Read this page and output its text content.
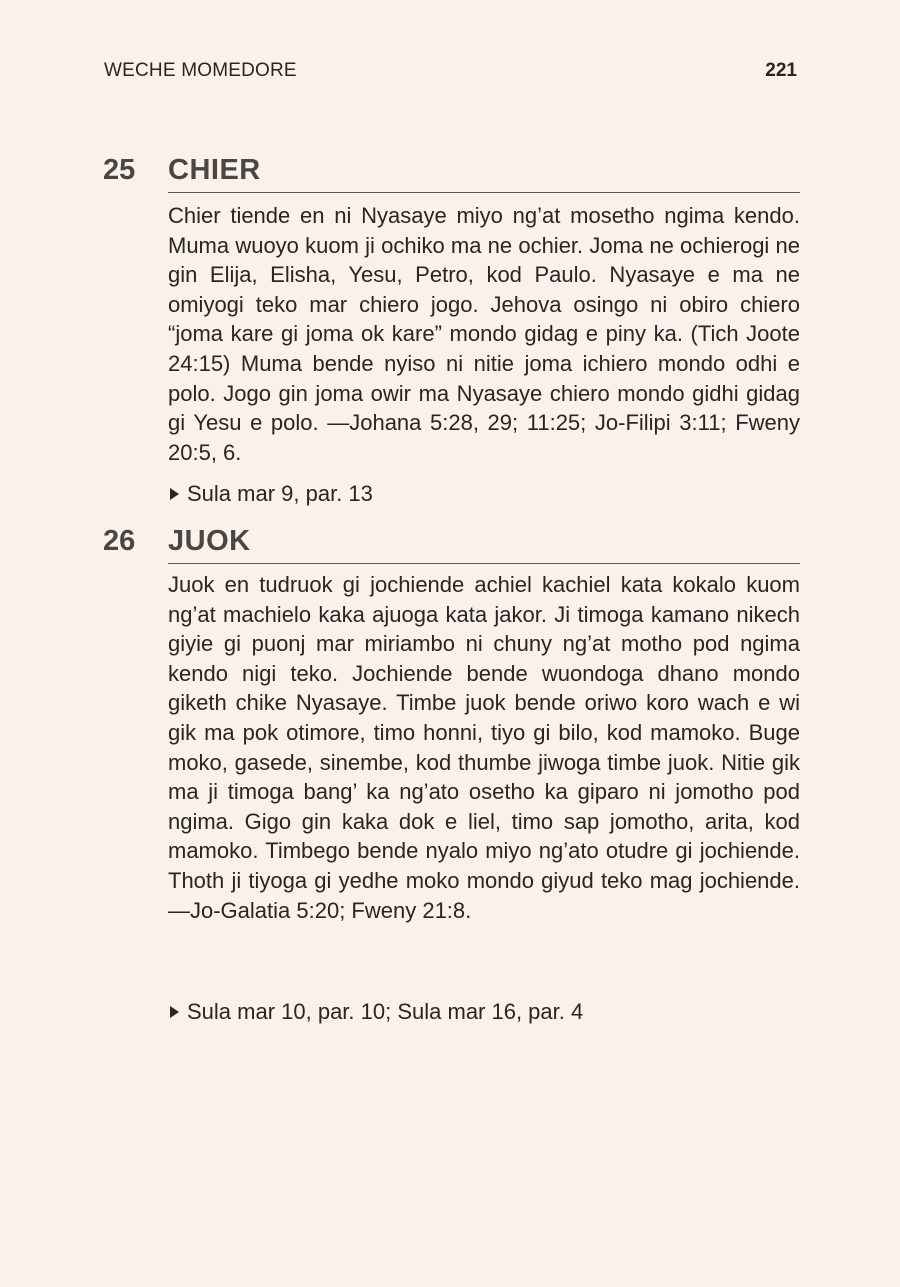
WECHE MOMEDORE	221
25 CHIER
Chier tiende en ni Nyasaye miyo ng’at mosetho ngima kendo. Muma wuoyo kuom ji ochiko ma ne ochier. Joma ne ochierogi ne gin Elija, Elisha, Yesu, Petro, kod Paulo. Nyasaye e ma ne omiyogi teko mar chiero jogo. Jehova osingo ni obiro chiero “joma kare gi joma ok kare” mondo gidag e piny ka. (Tich Joote 24:15) Muma bende nyiso ni nitie joma ichiero mondo odhi e polo. Jogo gin joma owir ma Nyasaye chiero mondo gidhi gidag gi Yesu e polo. —Johana 5:28, 29; 11:25; Jo-Filipi 3:11; Fweny 20:5, 6.
Sula mar 9, par. 13
26 JUOK
Juok en tudruok gi jochiende achiel kachiel kata kokalo kuom ng’at machielo kaka ajuoga kata jakor. Ji timoga kamano nikech giyie gi puonj mar miriambo ni chuny ng’at motho pod ngima kendo nigi teko. Jochiende bende wuondoga dhano mondo giketh chike Nyasaye. Timbe juok bende oriwo koro wach e wi gik ma pok otimore, timo honni, tiyo gi bilo, kod mamoko. Buge moko, gasede, sinembe, kod thumbe jiwoga timbe juok. Nitie gik ma ji timoga bang’ ka ng’ato osetho ka giparo ni jomotho pod ngima. Gigo gin kaka dok e liel, timo sap jomotho, arita, kod mamoko. Timbego bende nyalo miyo ng’ato otudre gi jochiende. Thoth ji tiyoga gi yedhe moko mondo giyud teko mag jochiende.—Jo-Galatia 5:20; Fweny 21:8.
Sula mar 10, par. 10; Sula mar 16, par. 4
